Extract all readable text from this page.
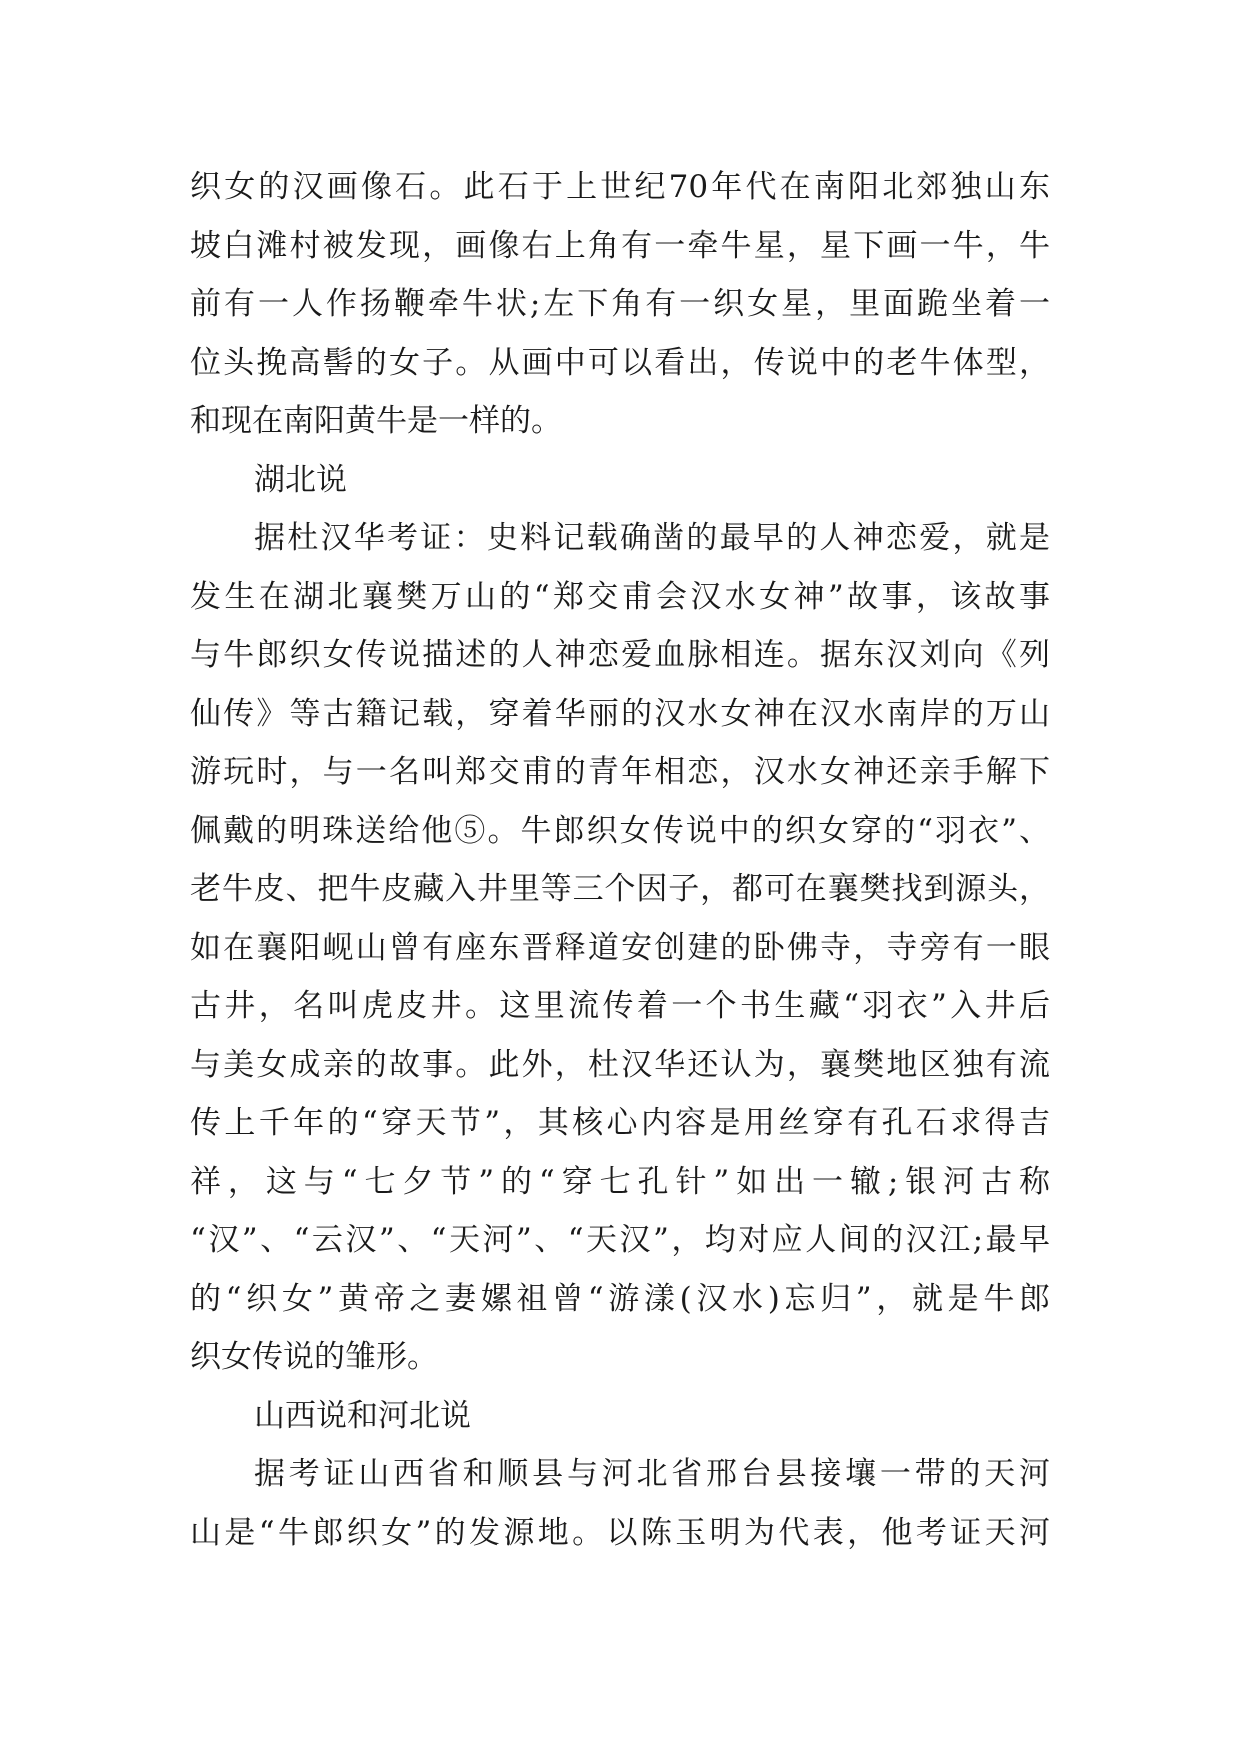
织女的汉画像石。此石于上世纪70年代在南阳北郊独山东
坡白滩村被发现，画像右上角有一牵牛星，星下画一牛，牛
前有一人作扬鞭牵牛状;左下角有一织女星，里面跪坐着一
位头挽高髻的女子。从画中可以看出，传说中的老牛体型，
和现在南阳黄牛是一样的。
湖北说
据杜汉华考证：史料记载确凿的最早的人神恋爱，就是
发生在湖北襄樊万山的“郑交甫会汉水女神”故事，该故事
与牛郎织女传说描述的人神恋爱血脉相连。据东汉刘向《列
仙传》等古籍记载，穿着华丽的汉水女神在汉水南岸的万山
游玩时，与一名叫郑交甫的青年相恋，汉水女神还亲手解下
佩戴的明珠送给他⑤。牛郎织女传说中的织女穿的“羽衣”、
老牛皮、把牛皮藏入井里等三个因子，都可在襄樊找到源头，
如在襄阳岘山曾有座东晋释道安创建的卧佛寺，寺旁有一眼
古井，名叫虎皮井。这里流传着一个书生藏“羽衣”入井后
与美女成亲的故事。此外，杜汉华还认为，襄樊地区独有流
传上千年的“穿天节”，其核心内容是用丝穿有孔石求得吉
祥，这与“七夕节”的“穿七孔针”如出一辙;银河古称
“汉”、“云汉”、“天河”、“天汉”，均对应人间的汉江;最早
的“织女”黄帝之妻嫘祖曾“游漾(汉水)忘归”，就是牛郎
织女传说的雏形。
山西说和河北说
据考证山西省和顺县与河北省邢台县接壤一带的天河
山是“牛郎织女”的发源地。以陈玉明为代表，他考证天河
